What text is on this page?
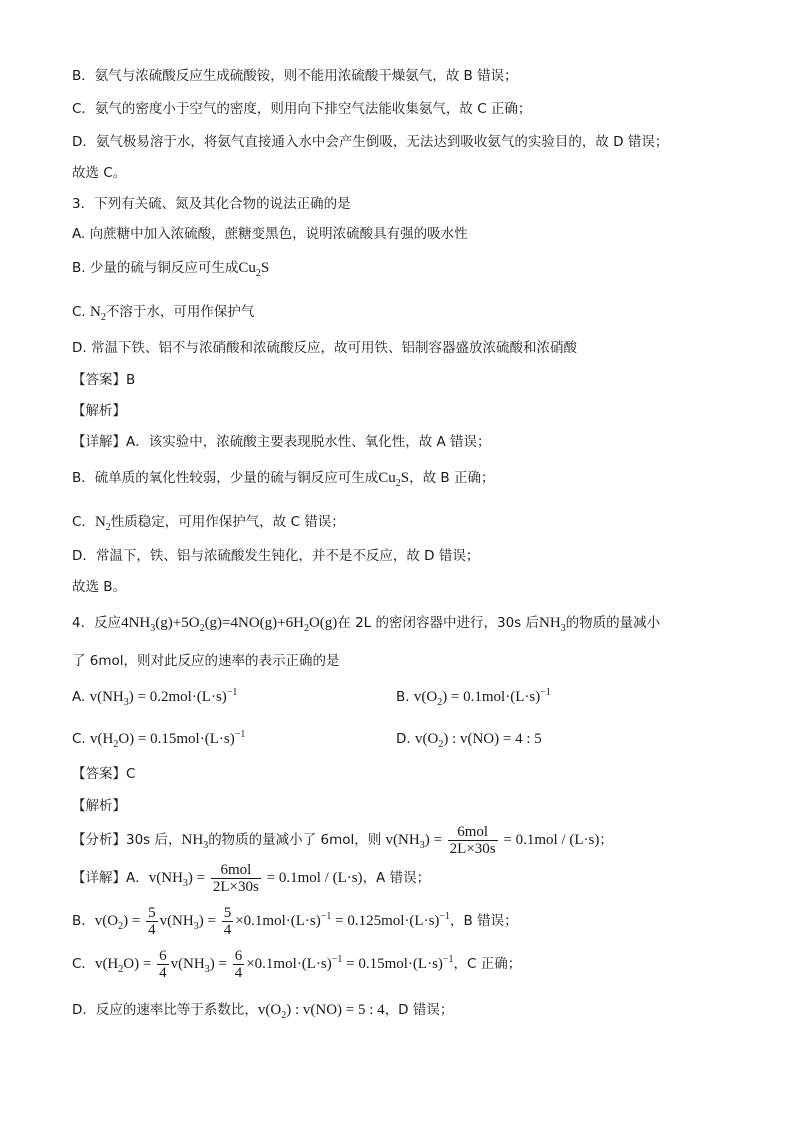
B．氨气与浓硫酸反应生成硫酸铵，则不能用浓硫酸干燥氨气，故 B 错误；
C．氨气的密度小于空气的密度，则用向下排空气法能收集氨气，故 C 正确；
D．氨气极易溶于水，将氨气直接通入水中会产生倒吸，无法达到吸收氨气的实验目的，故 D 错误；
故选 C。
3．下列有关硫、氮及其化合物的说法正确的是
A. 向蔗糖中加入浓硫酸，蔗糖变黑色，说明浓硫酸具有强的吸水性
B. 少量的硫与铜反应可生成$Cu_2S$
C. $N_2$不溶于水，可用作保护气
D. 常温下铁、铝不与浓硝酸和浓硫酸反应，故可用铁、铝制容器盛放浓硫酸和浓硝酸
【答案】B
【解析】
【详解】A．该实验中，浓硫酸主要表现脱水性、氧化性，故 A 错误；
B．硫单质的氧化性较弱，少量的硫与铜反应可生成$Cu_2S$，故 B 正确；
C．$N_2$性质稳定，可用作保护气，故 C 错误；
D．常温下，铁、铝与浓硫酸发生钝化，并不是不反应，故 D 错误；
故选 B。
4．反应$4NH_3(g)+5O_2(g)=4NO(g)+6H_2O(g)$在 2L 的密闭容器中进行，30s 后$NH_3$的物质的量减小
了 6mol，则对此反应的速率的表示正确的是
A. $v(NH_3) = 0.2mol\cdot(L\cdot s)^{-1}$	B. $v(O_2) = 0.1mol\cdot(L\cdot s)^{-1}$
C. $v(H_2O) = 0.15mol\cdot(L\cdot s)^{-1}$	D. $v(O_2)$ : v(NO) = 4 : 5
【答案】C
【解析】
【分析】30s 后，$NH_3$的物质的量减小了 6mol，则 $v(NH_3) = \frac{\text{6mol}}{2L\times 30s} = 0.1mol / (L\cdot s)$；
【详解】A．$v(NH_3) = \frac{\text{6mol}}{2L\times 30s} = 0.1mol / (L\cdot s)$，A 错误；
B．$v(O_2) = \frac{5}{4} v(NH_3) = \frac{5}{4} \times 0.1mol\cdot(L\cdot s)^{-1} = 0.125mol\cdot(L\cdot s)^{-1}$，B 错误；
C．$v(H_2O) = \frac{6}{4} v(NH_3) = \frac{6}{4} \times 0.1mol\cdot(L\cdot s)^{-1} = 0.15mol\cdot(L\cdot s)^{-1}$，C 正确；
D．反应的速率比等于系数比，$v(O_2)$ : v(NO) = 5 : 4，D 错误；
